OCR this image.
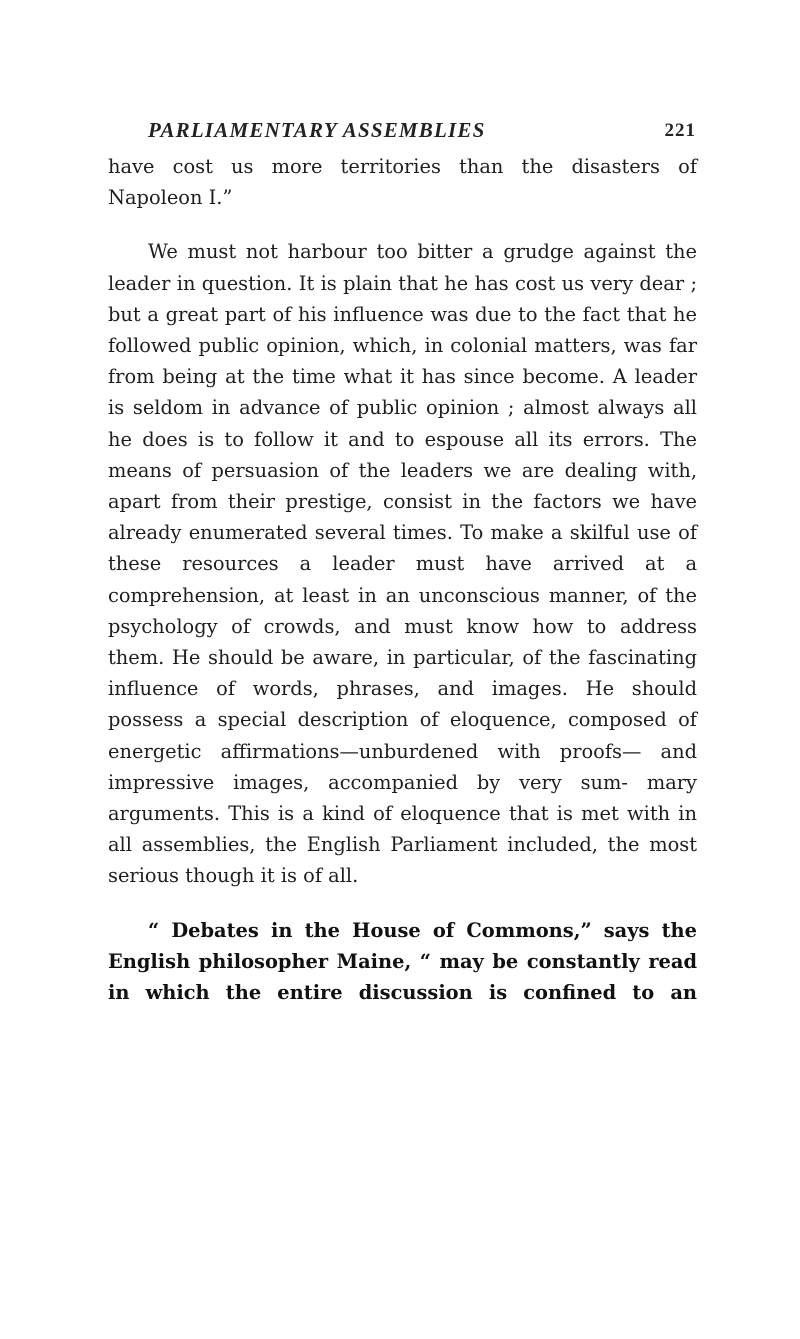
PARLIAMENTARY ASSEMBLIES	221

have cost us more territories than the disasters of Napoleon I.”

We must not harbour too bitter a grudge against the leader in question. It is plain that he has cost us very dear ; but a great part of his influence was due to the fact that he followed public opinion, which, in colonial matters, was far from being at the time what it has since become. A leader is seldom in advance of public opinion ; almost always all he does is to follow it and to espouse all its errors. The means of persuasion of the leaders we are dealing with, apart from their prestige, consist in the factors we have already enumerated several times. To make a skilful use of these resources a leader must have arrived at a comprehension, at least in an unconscious manner, of the psychology of crowds, and must know how to address them. He should be aware, in particular, of the fascinating influence of words, phrases, and images. He should possess a special description of eloquence, composed of energetic affirmations—unburdened with proofs— and impressive images, accompanied by very sum- mary arguments. This is a kind of eloquence that is met with in all assemblies, the English Parliament included, the most serious though it is of all.

“ Debates in the House of Commons,” says the English philosopher Maine, “ may be constantly read in which the entire discussion is confined to an
